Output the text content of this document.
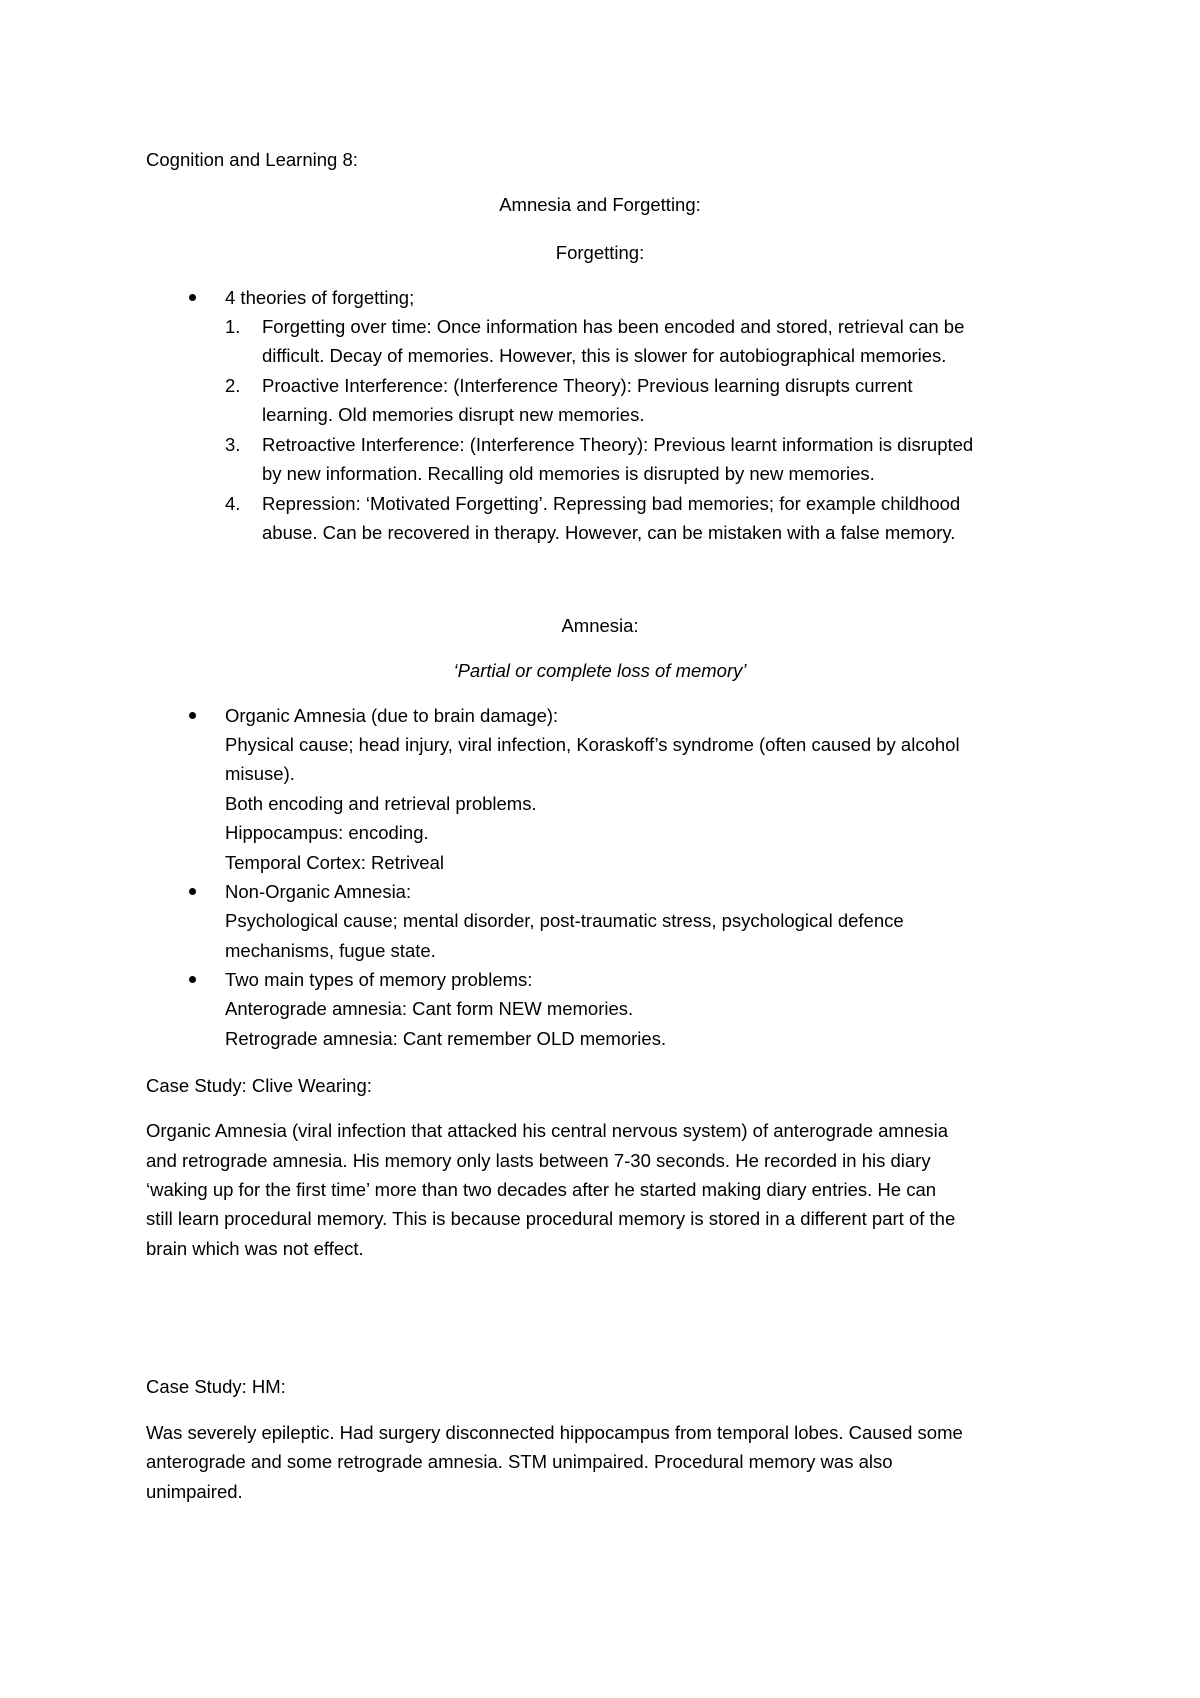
Cognition and Learning 8:
Amnesia and Forgetting:
Forgetting:
4 theories of forgetting;
1. Forgetting over time: Once information has been encoded and stored, retrieval can be
difficult. Decay of memories. However, this is slower for autobiographical memories.
2. Proactive Interference: (Interference Theory): Previous learning disrupts current
learning. Old memories disrupt new memories.
3. Retroactive Interference: (Interference Theory): Previous learnt information is disrupted
by new information. Recalling old memories is disrupted by new memories.
4. Repression: ‘Motivated Forgetting’. Repressing bad memories; for example childhood
abuse. Can be recovered in therapy. However, can be mistaken with a false memory.
Amnesia:
‘Partial or complete loss of memory’
Organic Amnesia (due to brain damage):
Physical cause; head injury, viral infection, Koraskoff’s syndrome (often caused by alcohol
misuse).
Both encoding and retrieval problems.
Hippocampus: encoding.
Temporal Cortex: Retriveal
Non-Organic Amnesia:
Psychological cause; mental disorder, post-traumatic stress, psychological defence
mechanisms, fugue state.
Two main types of memory problems:
Anterograde amnesia: Cant form NEW memories.
Retrograde amnesia: Cant remember OLD memories.
Case Study: Clive Wearing:
Organic Amnesia (viral infection that attacked his central nervous system) of anterograde amnesia
and retrograde amnesia. His memory only lasts between 7-30 seconds. He recorded in his diary
‘waking up for the first time’ more than two decades after he started making diary entries. He can
still learn procedural memory. This is because procedural memory is stored in a different part of the
brain which was not effect.
Case Study: HM:
Was severely epileptic. Had surgery disconnected hippocampus from temporal lobes. Caused some
anterograde and some retrograde amnesia. STM unimpaired. Procedural memory was also
unimpaired.
